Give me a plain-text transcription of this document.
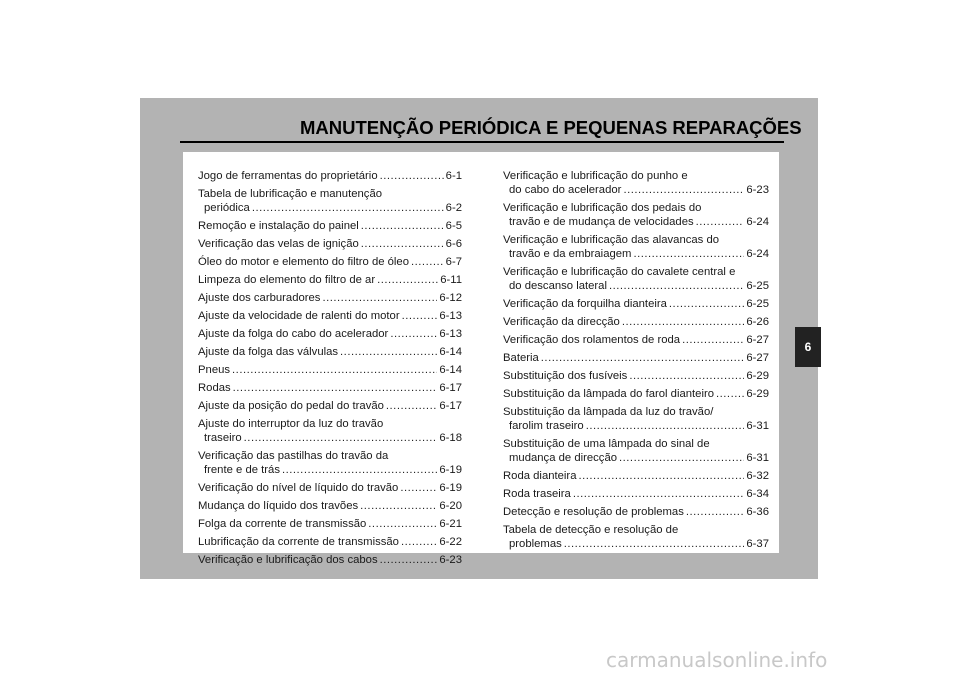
MANUTENÇÃO PERIÓDICA E PEQUENAS REPARAÇÕES
6
Jogo de ferramentas do proprietário .....	6-1
Tabela de lubrificação e manutenção
periódica .....	6-2
Remoção e instalação do painel .....	6-5
Verificação das velas de ignição .....	6-6
Óleo do motor e elemento do filtro de óleo .....	6-7
Limpeza do elemento do filtro de ar .....	6-11
Ajuste dos carburadores .....	6-12
Ajuste da velocidade de ralenti do motor .....	6-13
Ajuste da folga do cabo do acelerador .....	6-13
Ajuste da folga das válvulas .....	6-14
Pneus .....	6-14
Rodas .....	6-17
Ajuste da posição do pedal do travão .....	6-17
Ajuste do interruptor da luz do travão
traseiro .....	6-18
Verificação das pastilhas do travão da
frente e de trás .....	6-19
Verificação do nível de líquido do travão .....	6-19
Mudança do líquido dos travões .....	6-20
Folga da corrente de transmissão .....	6-21
Lubrificação da corrente de transmissão .....	6-22
Verificação e lubrificação dos cabos .....	6-23
Verificação e lubrificação do punho e
do cabo do acelerador .....	6-23
Verificação e lubrificação dos pedais do
travão e de mudança de velocidades .....	6-24
Verificação e lubrificação das alavancas do
travão e da embraiagem .....	6-24
Verificação e lubrificação do cavalete central e
do descanso lateral .....	6-25
Verificação da forquilha dianteira .....	6-25
Verificação da direcção .....	6-26
Verificação dos rolamentos de roda .....	6-27
Bateria .....	6-27
Substituição dos fusíveis .....	6-29
Substituição da lâmpada do farol dianteiro .....	6-29
Substituição da lâmpada da luz do travão/
farolim traseiro .....	6-31
Substituição de uma lâmpada do sinal de
mudança de direcção .....	6-31
Roda dianteira .....	6-32
Roda traseira .....	6-34
Detecção e resolução de problemas .....	6-36
Tabela de detecção e resolução de
problemas .....	6-37
carmanualsonline.info
